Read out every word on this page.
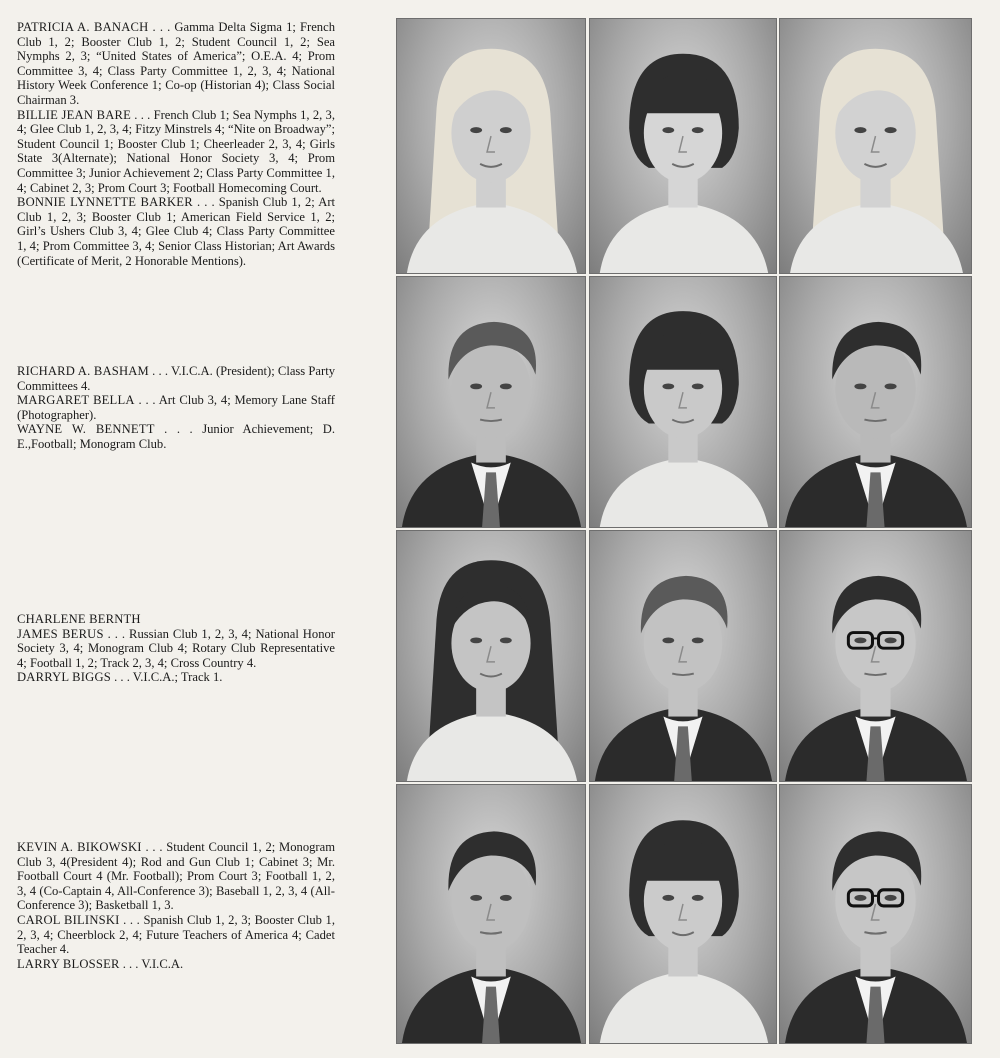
PATRICIA A. BANACH . . . Gamma Delta Sigma 1; French Club 1, 2; Booster Club 1, 2; Student Council 1, 2; Sea Nymphs 2, 3; “United States of America”; O.E.A. 4; Prom Committee 3, 4; Class Party Committee 1, 2, 3, 4; National History Week Conference 1; Co-op (Historian 4); Class Social Chairman 3.

BILLIE JEAN BARE . . . French Club 1; Sea Nymphs 1, 2, 3, 4; Glee Club 1, 2, 3, 4; Fitzy Minstrels 4; “Nite on Broadway”; Student Council 1; Booster Club 1; Cheerleader 2, 3, 4; Girls State 3(Alternate); National Honor Society 3, 4; Prom Committee 3; Junior Achievement 2; Class Party Committee 1, 4; Cabinet 2, 3; Prom Court 3; Football Homecoming Court.

BONNIE LYNNETTE BARKER . . . Spanish Club 1, 2; Art Club 1, 2, 3; Booster Club 1; American Field Service 1, 2; Girl’s Ushers Club 3, 4; Glee Club 4; Class Party Committee 1, 4; Prom Committee 3, 4; Senior Class Historian; Art Awards (Certificate of Merit, 2 Honorable Mentions).

RICHARD A. BASHAM . . . V.I.C.A. (President); Class Party Committees 4.

MARGARET BELLA . . . Art Club 3, 4; Memory Lane Staff (Photographer).

WAYNE W. BENNETT . . . Junior Achievement; D. E.,Football; Monogram Club.

CHARLENE BERNTH

JAMES BERUS . . . Russian Club 1, 2, 3, 4; National Honor Society 3, 4; Monogram Club 4; Rotary Club Representative 4; Football 1, 2; Track 2, 3, 4; Cross Country 4.

DARRYL BIGGS . . . V.I.C.A.; Track 1.

KEVIN A. BIKOWSKI . . . Student Council 1, 2; Monogram Club 3, 4(President 4); Rod and Gun Club 1; Cabinet 3; Mr. Football Court 4 (Mr. Football); Prom Court 3; Football 1, 2, 3, 4 (Co-Captain 4, All-Conference 3); Baseball 1, 2, 3, 4 (All-Conference 3); Basketball 1, 3.

CAROL BILINSKI . . . Spanish Club 1, 2, 3; Booster Club 1, 2, 3, 4; Cheerblock 2, 4; Future Teachers of America 4; Cadet Teacher 4.

LARRY BLOSSER . . . V.I.C.A.
